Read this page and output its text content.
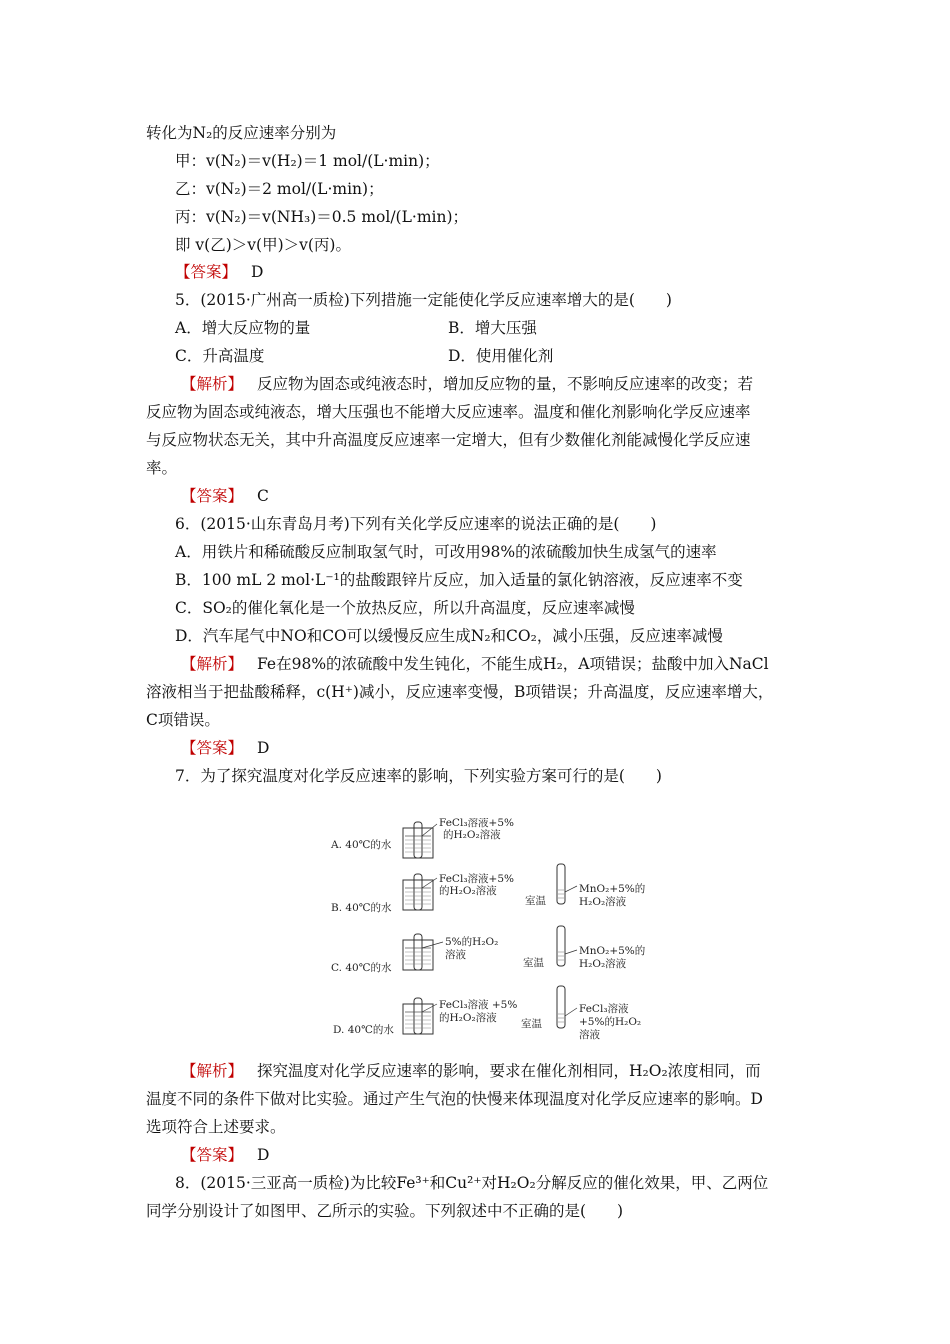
转化为N₂的反应速率分别为
甲：v(N₂)＝v(H₂)＝1 mol/(L·min)；
乙：v(N₂)＝2 mol/(L·min)；
丙：v(N₂)＝v(NH₃)＝0.5 mol/(L·min)；
即 v(乙)＞v(甲)＞v(丙)。
【答案】 D
5．(2015·广州高一质检)下列措施一定能使化学反应速率增大的是(　　)
A．增大反应物的量	B．增大压强
C．升高温度	D．使用催化剂
【解析】 反应物为固态或纯液态时，增加反应物的量，不影响反应速率的改变；若
反应物为固态或纯液态，增大压强也不能增大反应速率。温度和催化剂影响化学反应速率
与反应物状态无关，其中升高温度反应速率一定增大，但有少数催化剂能减慢化学反应速
率。
【答案】 C
6．(2015·山东青岛月考)下列有关化学反应速率的说法正确的是(　　)
A．用铁片和稀硫酸反应制取氢气时，可改用98%的浓硫酸加快生成氢气的速率
B．100 mL 2 mol·L⁻¹的盐酸跟锌片反应，加入适量的氯化钠溶液，反应速率不变
C．SO₂的催化氧化是一个放热反应，所以升高温度，反应速率减慢
D．汽车尾气中NO和CO可以缓慢反应生成N₂和CO₂，减小压强，反应速率减慢
【解析】 Fe在98%的浓硫酸中发生钝化，不能生成H₂，A项错误；盐酸中加入NaCl
溶液相当于把盐酸稀释，c(H⁺)减小，反应速率变慢，B项错误；升高温度，反应速率增大，
C项错误。
【答案】 D
7．为了探究温度对化学反应速率的影响，下列实验方案可行的是(　　)
A. 40℃的水
FeCl₃溶液+5%
的H₂O₂溶液
B. 40℃的水
FeCl₃溶液+5%
的H₂O₂溶液
室温
MnO₂+5%的
H₂O₂溶液
C. 40℃的水
5%的H₂O₂
溶液
室温
MnO₂+5%的
H₂O₂溶液
D. 40℃的水
FeCl₃溶液 +5%
的H₂O₂溶液 室温
FeCl₃溶液
+5%的H₂O₂
溶液
【解析】 探究温度对化学反应速率的影响，要求在催化剂相同，H₂O₂浓度相同，而
温度不同的条件下做对比实验。通过产生气泡的快慢来体现温度对化学反应速率的影响。D
选项符合上述要求。
【答案】 D
8．(2015·三亚高一质检)为比较Fe³⁺和Cu²⁺对H₂O₂分解反应的催化效果，甲、乙两位
同学分别设计了如图甲、乙所示的实验。下列叙述中不正确的是(　　)
